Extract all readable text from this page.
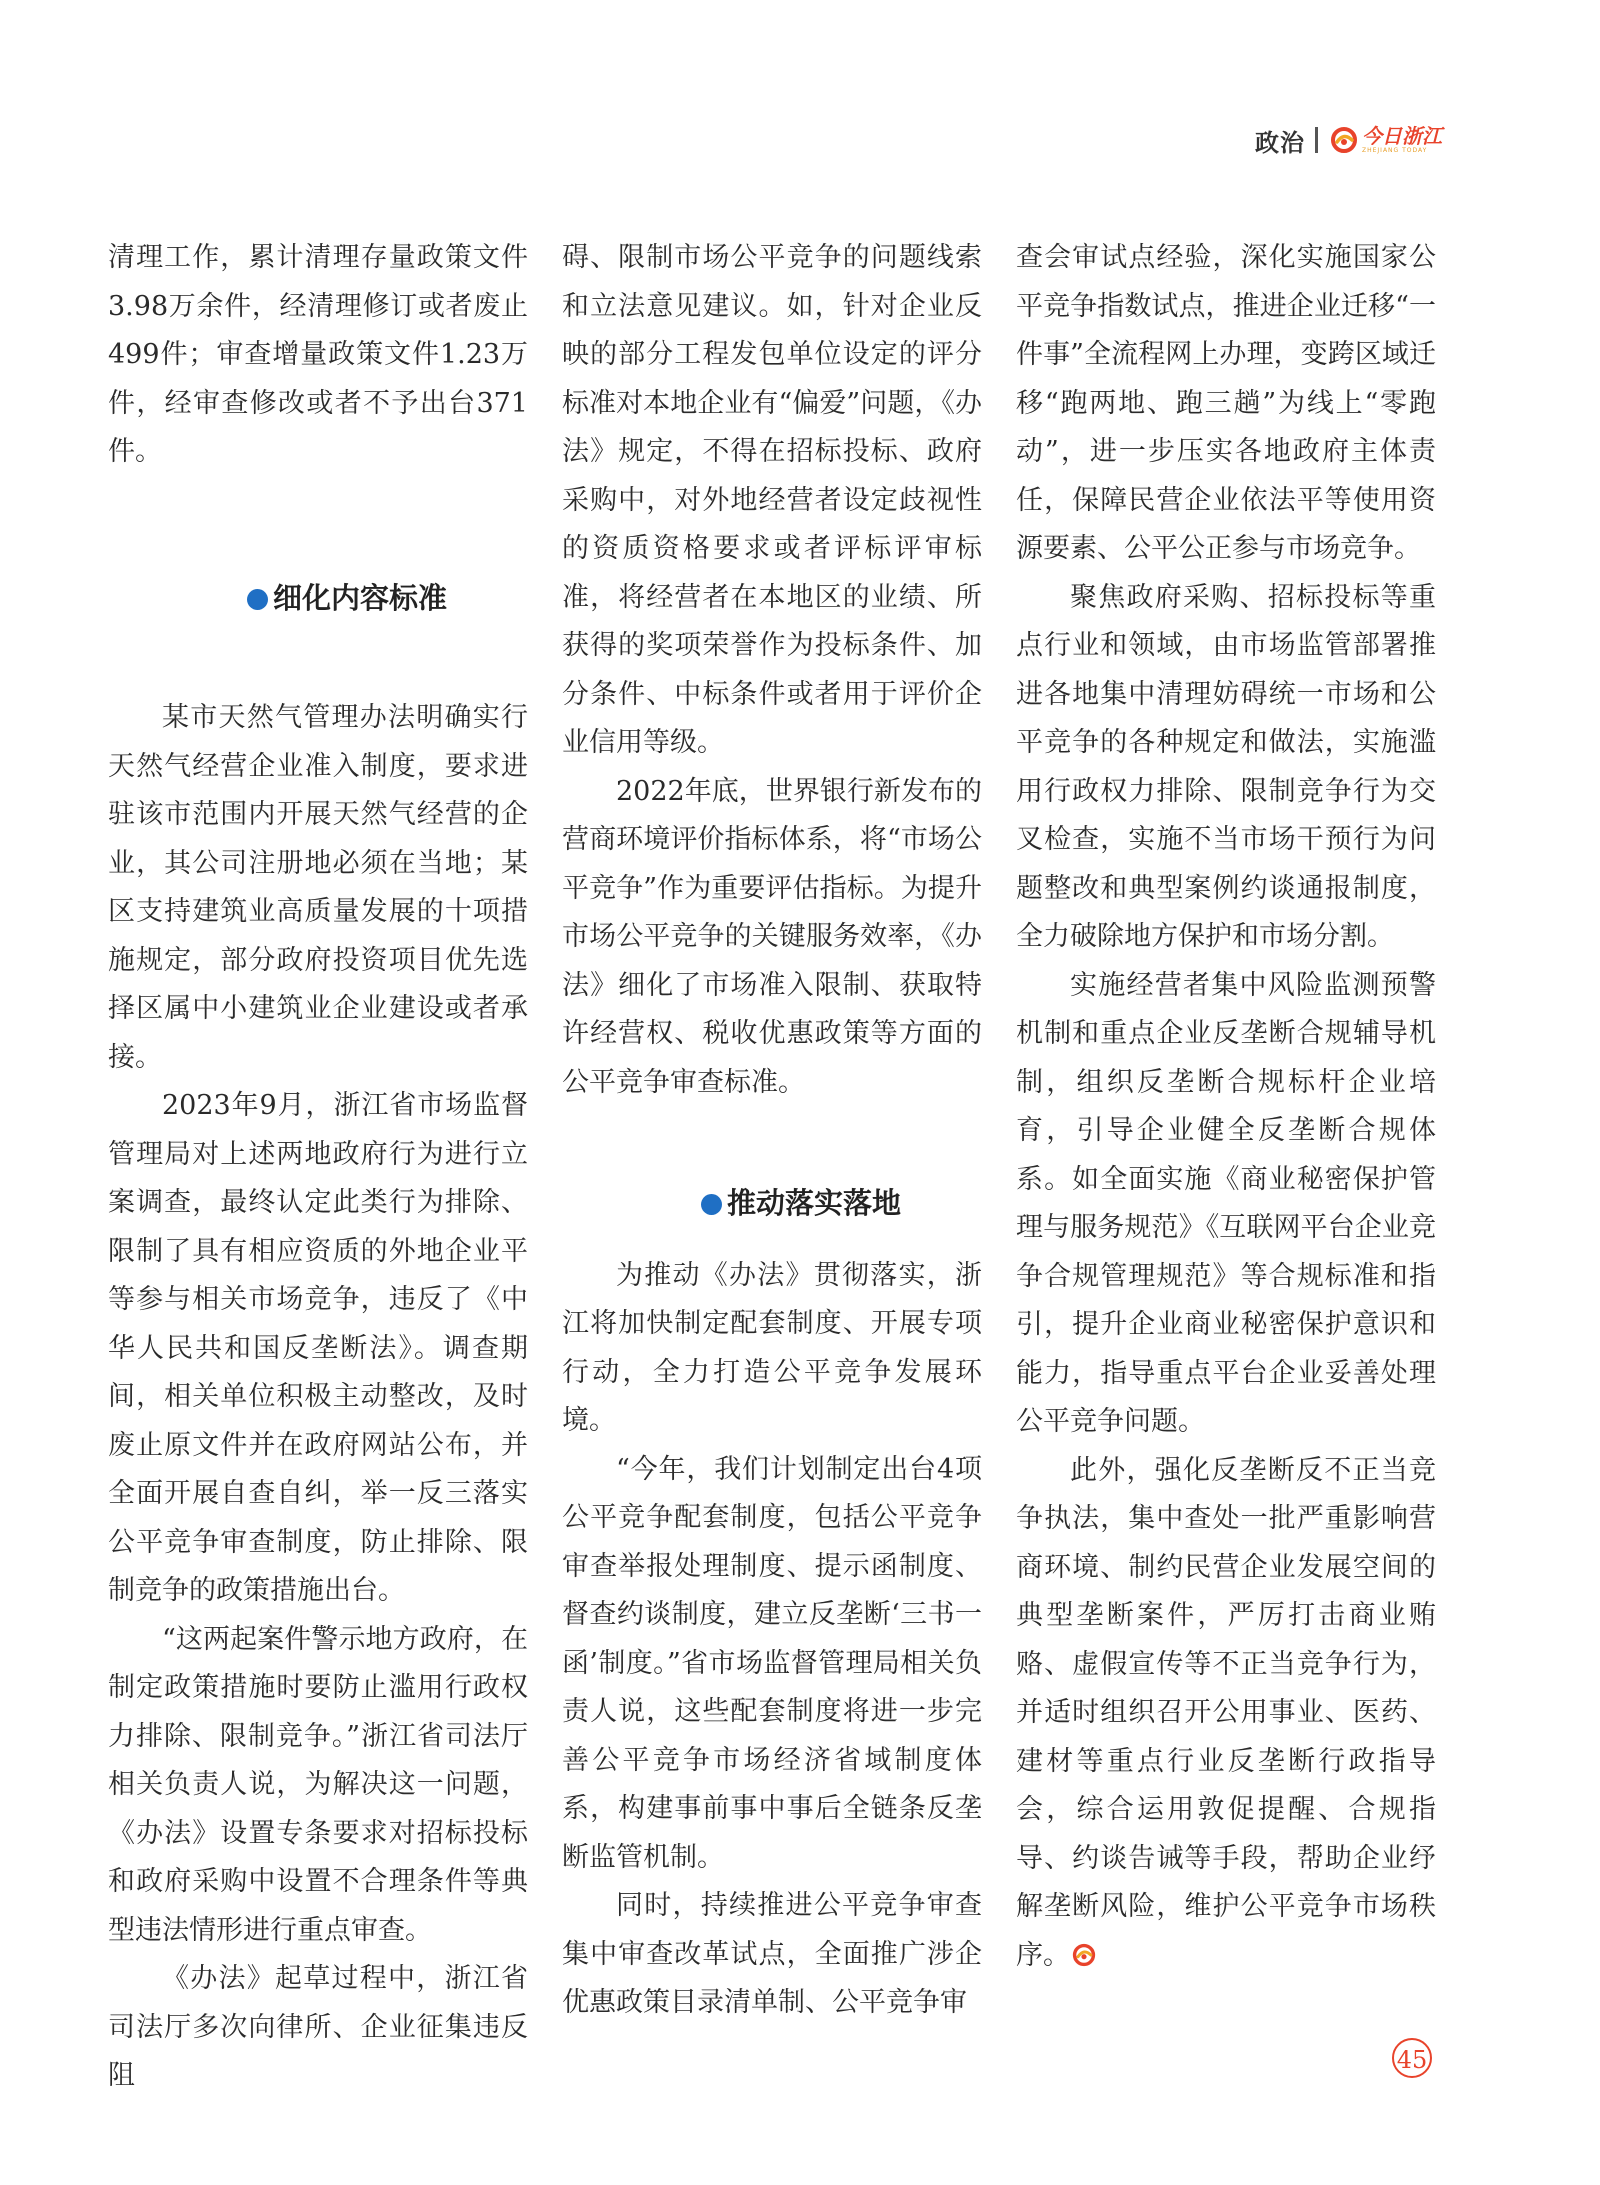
政治	今日浙江
ZHEJIANG TODAY

清理工作，累计清理存量政策文件3.98万余件，经清理修订或者废止499件；审查增量政策文件1.23万件，经审查修改或者不予出台371件。

细化内容标准

某市天然气管理办法明确实行天然气经营企业准入制度，要求进驻该市范围内开展天然气经营的企业，其公司注册地必须在当地；某区支持建筑业高质量发展的十项措施规定，部分政府投资项目优先选择区属中小建筑业企业建设或者承接。

2023年9月，浙江省市场监督管理局对上述两地政府行为进行立案调查，最终认定此类行为排除、限制了具有相应资质的外地企业平等参与相关市场竞争，违反了《中华人民共和国反垄断法》。调查期间，相关单位积极主动整改，及时废止原文件并在政府网站公布，并全面开展自查自纠，举一反三落实公平竞争审查制度，防止排除、限制竞争的政策措施出台。

“这两起案件警示地方政府，在制定政策措施时要防止滥用行政权力排除、限制竞争。”浙江省司法厅相关负责人说，为解决这一问题，《办法》设置专条要求对招标投标和政府采购中设置不合理条件等典型违法情形进行重点审查。

《办法》起草过程中，浙江省司法厅多次向律所、企业征集违反阻

碍、限制市场公平竞争的问题线索和立法意见建议。如，针对企业反映的部分工程发包单位设定的评分标准对本地企业有“偏爱”问题，《办法》规定，不得在招标投标、政府采购中，对外地经营者设定歧视性的资质资格要求或者评标评审标准，将经营者在本地区的业绩、所获得的奖项荣誉作为投标条件、加分条件、中标条件或者用于评价企业信用等级。

2022年底，世界银行新发布的营商环境评价指标体系，将“市场公平竞争”作为重要评估指标。为提升市场公平竞争的关键服务效率，《办法》细化了市场准入限制、获取特许经营权、税收优惠政策等方面的公平竞争审查标准。

推动落实落地

为推动《办法》贯彻落实，浙江将加快制定配套制度、开展专项行动，全力打造公平竞争发展环境。

“今年，我们计划制定出台4项公平竞争配套制度，包括公平竞争审查举报处理制度、提示函制度、督查约谈制度，建立反垄断‘三书一函’制度。”省市场监督管理局相关负责人说，这些配套制度将进一步完善公平竞争市场经济省域制度体系，构建事前事中事后全链条反垄断监管机制。

同时，持续推进公平竞争审查集中审查改革试点，全面推广涉企优惠政策目录清单制、公平竞争审

查会审试点经验，深化实施国家公平竞争指数试点，推进企业迁移“一件事”全流程网上办理，变跨区域迁移“跑两地、跑三趟”为线上“零跑动”，进一步压实各地政府主体责任，保障民营企业依法平等使用资源要素、公平公正参与市场竞争。

聚焦政府采购、招标投标等重点行业和领域，由市场监管部署推进各地集中清理妨碍统一市场和公平竞争的各种规定和做法，实施滥用行政权力排除、限制竞争行为交叉检查，实施不当市场干预行为问题整改和典型案例约谈通报制度，全力破除地方保护和市场分割。

实施经营者集中风险监测预警机制和重点企业反垄断合规辅导机制，组织反垄断合规标杆企业培育，引导企业健全反垄断合规体系。如全面实施《商业秘密保护管理与服务规范》《互联网平台企业竞争合规管理规范》等合规标准和指引，提升企业商业秘密保护意识和能力，指导重点平台企业妥善处理公平竞争问题。

此外，强化反垄断反不正当竞争执法，集中查处一批严重影响营商环境、制约民营企业发展空间的典型垄断案件，严厉打击商业贿赂、虚假宣传等不正当竞争行为，并适时组织召开公用事业、医药、建材等重点行业反垄断行政指导会，综合运用敦促提醒、合规指导、约谈告诫等手段，帮助企业纾解垄断风险，维护公平竞争市场秩序。

45
